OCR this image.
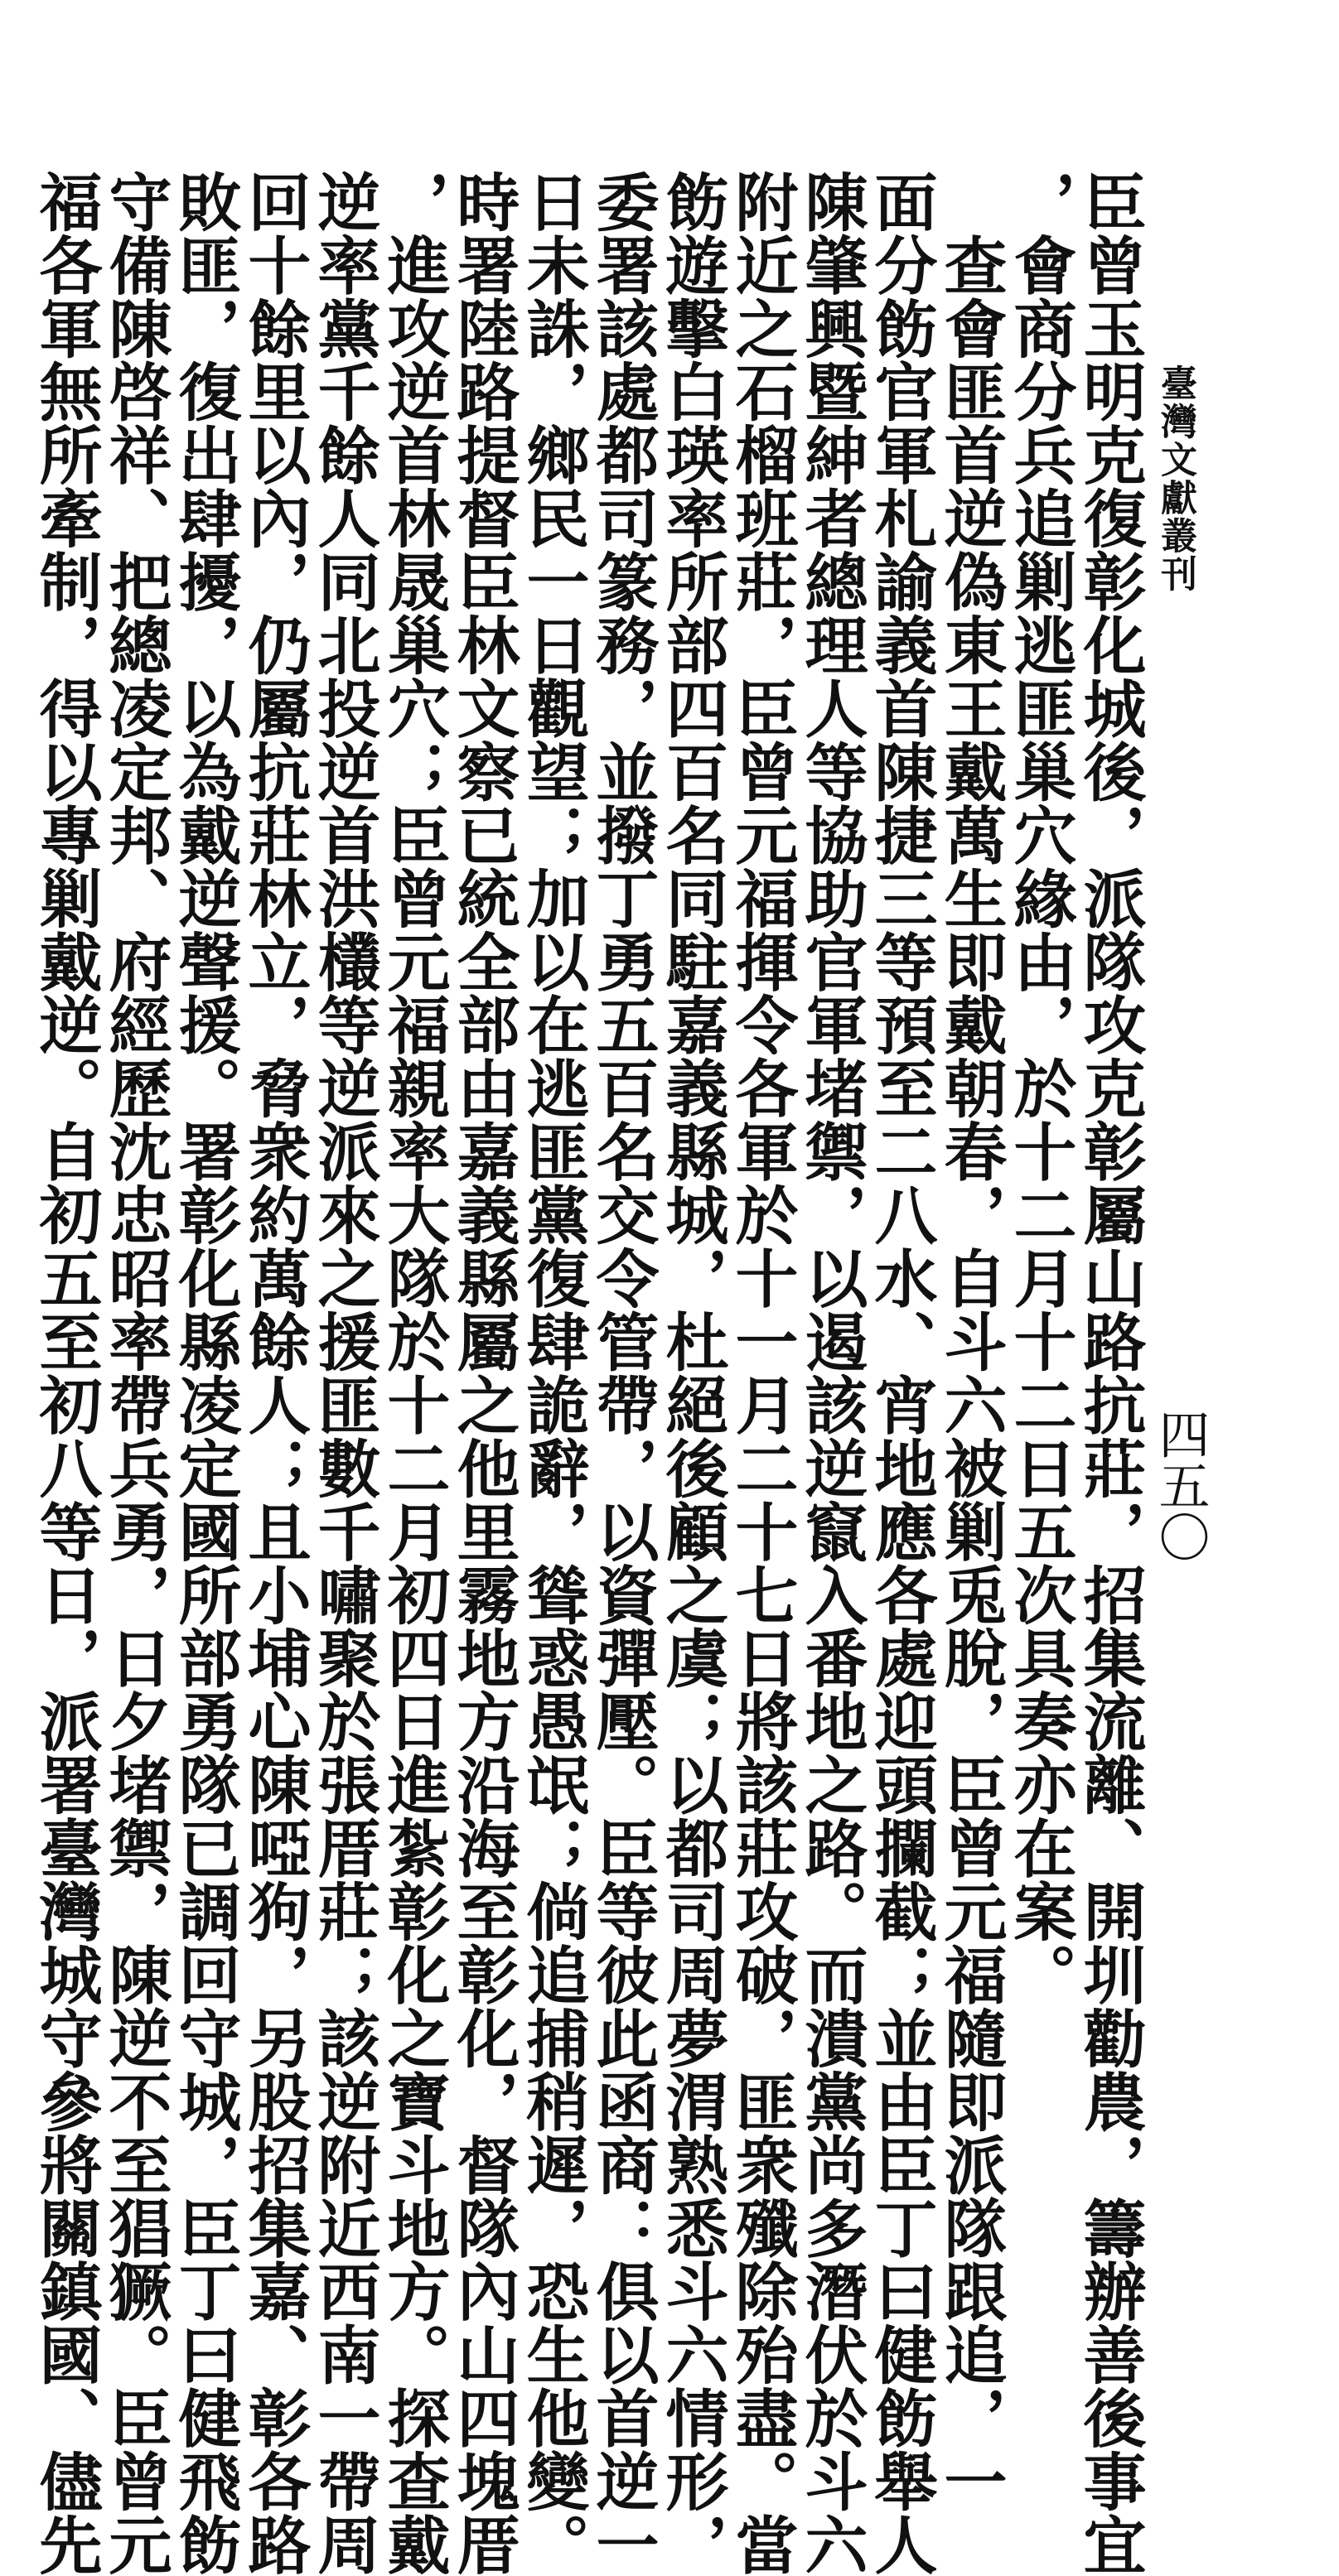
臺灣文獻叢刊
四五〇
臣曾玉明克復彰化城後，派隊攻克彰屬山路抗莊，招集流離、開圳勸農，籌辦善後事宜
，會商分兵追剿逃匪巢穴緣由，於十二月十二日五次具奏亦在案。
　查會匪首逆偽東王戴萬生即戴朝春，自斗六被剿兎脫，臣曾元福隨即派隊跟追，一
面分飭官軍札諭義首陳捷三等預至二八水、宵地應各處迎頭攔截；並由臣丁曰健飭舉人
陳肇興暨紳者總理人等協助官軍堵禦，以遏該逆竄入番地之路。而潰黨尚多潛伏於斗六
附近之石榴班莊，臣曾元福揮令各軍於十一月二十七日將該莊攻破，匪衆殲除殆盡。當
飭遊擊白瑛率所部四百名同駐嘉義縣城，杜絕後顧之虞；以都司周夢渭熟悉斗六情形，
委署該處都司篆務，並撥丁勇五百名交令管帶，以資彈壓。臣等彼此函商：俱以首逆一
日未誅，鄉民一日觀望；加以在逃匪黨復肆詭辭，聳惑愚氓；倘追捕稍遲，恐生他變。
時署陸路提督臣林文察已統全部由嘉義縣屬之他里霧地方沿海至彰化，督隊內山四塊厝
，進攻逆首林晟巢穴；臣曾元福親率大隊於十二月初四日進紮彰化之寶斗地方。探查戴
逆率黨千餘人同北投逆首洪欉等逆派來之援匪數千嘯聚於張厝莊；該逆附近西南一帶周
回十餘里以內，仍屬抗莊林立，脅衆約萬餘人；且小埔心陳啞狗，另股招集嘉、彰各路
敗匪，復出肆擾，以為戴逆聲援。署彰化縣凌定國所部勇隊已調回守城，臣丁曰健飛飭
守備陳啓祥、把總凌定邦、府經歷沈忠昭率帶兵勇，日夕堵禦，陳逆不至猖獗。臣曾元
福各軍無所牽制，得以專剿戴逆。自初五至初八等日，派署臺灣城守參將關鎮國、儘先
